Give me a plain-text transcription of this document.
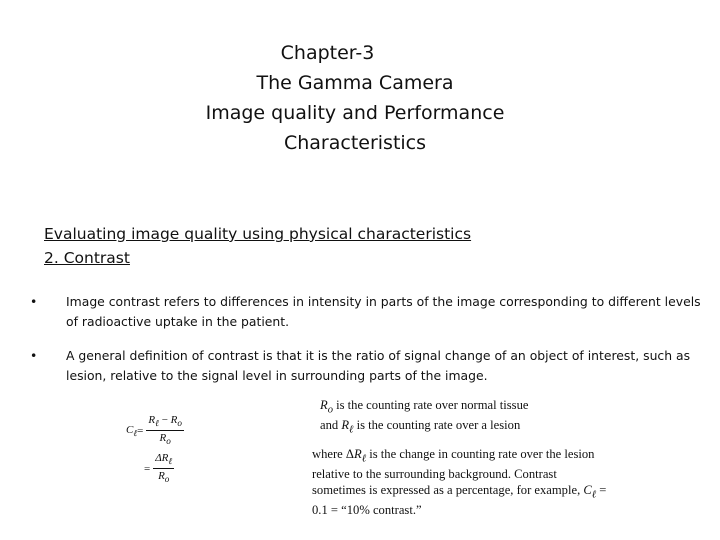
Chapter-3
The Gamma Camera
Image quality and Performance
Characteristics
Evaluating image quality using physical characteristics
2. Contrast
•	Image contrast refers to differences in intensity in parts of the image corresponding to different levels of radioactive uptake in the patient.
•	A general definition of contrast is that it is the ratio of signal change of an object of interest, such as lesion, relative to the signal level in surrounding parts of the image.
$C_\ell = \frac{R_\ell - R_o}{R_o}$
= $\frac{\Delta R_\ell}{R_o}$

$R_o$ is the counting rate over normal tissue
and $R_\ell$ is the counting rate over a lesion

where $\Delta R_\ell$ is the change in counting rate over the lesion relative to the surrounding background. Contrast sometimes is expressed as a percentage, for example, $C_\ell = 0.1$ = “10% contrast.”
